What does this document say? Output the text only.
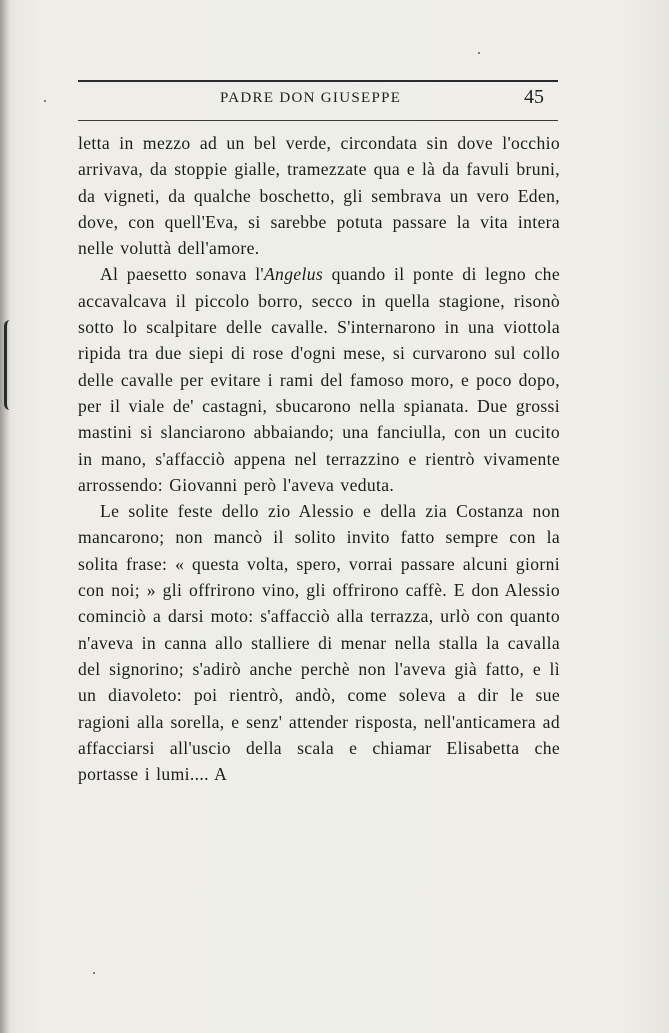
PADRE DON GIUSEPPE	45

letta in mezzo ad un bel verde, circondata sin dove l'occhio arrivava, da stoppie gialle, tramezzate qua e là da favuli bruni, da vigneti, da qualche boschetto, gli sembrava un vero Eden, dove, con quell'Eva, si sarebbe potuta passare la vita intera nelle voluttà dell'amore.

Al paesetto sonava l'Angelus quando il ponte di legno che accavalcava il piccolo borro, secco in quella stagione, risonò sotto lo scalpitare delle cavalle. S'internarono in una viottola ripida tra due siepi di rose d'ogni mese, si curvarono sul collo delle cavalle per evitare i rami del famoso moro, e poco dopo, per il viale de' castagni, sbucarono nella spianata. Due grossi mastini si slanciarono abbaiando; una fanciulla, con un cucito in mano, s'affacciò appena nel terrazzino e rientrò vivamente arrossendo: Giovanni però l'aveva veduta.

Le solite feste dello zio Alessio e della zia Costanza non mancarono; non mancò il solito invito fatto sempre con la solita frase: « questa volta, spero, vorrai passare alcuni giorni con noi; » gli offrirono vino, gli offrirono caffè. E don Alessio cominciò a darsi moto: s'affacciò alla terrazza, urlò con quanto n'aveva in canna allo stalliere di menar nella stalla la cavalla del signorino; s'adirò anche perchè non l'aveva già fatto, e lì un diavoleto: poi rientrò, andò, come soleva a dir le sue ragioni alla sorella, e senz' attender risposta, nell'anticamera ad affacciarsi all'uscio della scala e chiamar Elisabetta che portasse i lumi.... A
